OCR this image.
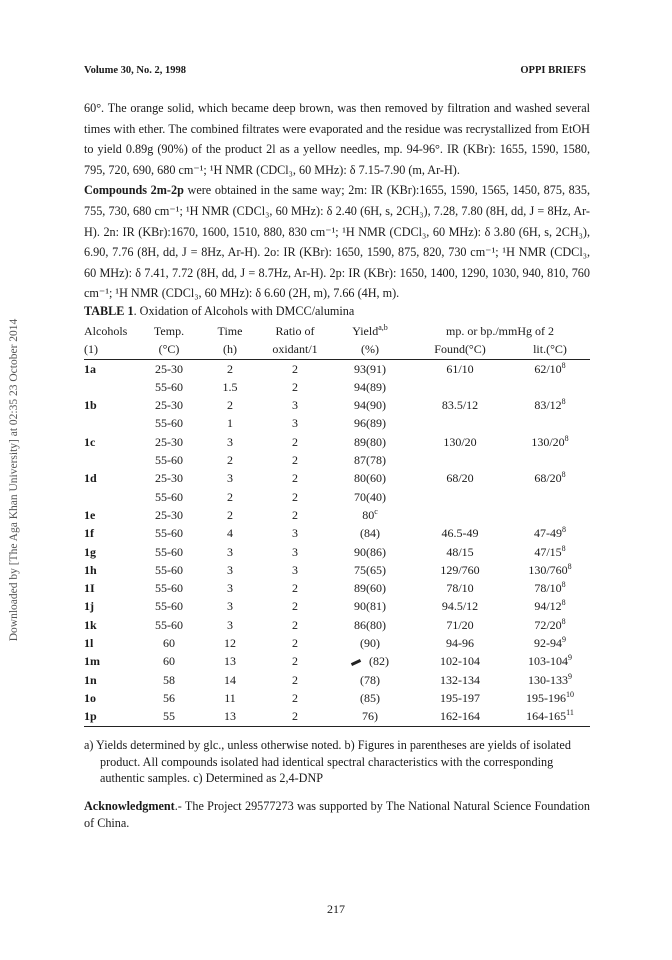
Volume 30, No. 2, 1998	OPPI BRIEFS
Downloaded by [The Aga Khan University] at 02:35 23 October 2014

60°. The orange solid, which became deep brown, was then removed by filtration and washed several times with ether. The combined filtrates were evaporated and the residue was recrystallized from EtOH to yield 0.89g (90%) of the product 2l as a yellow needles, mp. 94-96°. IR (KBr): 1655, 1590, 1580, 795, 720, 690, 680 cm⁻¹; ¹H NMR (CDCl₃, 60 MHz): δ 7.15-7.90 (m, Ar-H).

Compounds 2m-2p were obtained in the same way; 2m: IR (KBr):1655, 1590, 1565, 1450, 875, 835, 755, 730, 680 cm⁻¹; ¹H NMR (CDCl₃, 60 MHz): δ 2.40 (6H, s, 2CH₃), 7.28, 7.80 (8H, dd, J = 8Hz, Ar-H). 2n: IR (KBr):1670, 1600, 1510, 880, 830 cm⁻¹; ¹H NMR (CDCl₃, 60 MHz): δ 3.80 (6H, s, 2CH₃), 6.90, 7.76 (8H, dd, J = 8Hz, Ar-H). 2o: IR (KBr): 1650, 1590, 875, 820, 730 cm⁻¹; ¹H NMR (CDCl₃, 60 MHz): δ 7.41, 7.72 (8H, dd, J = 8.7Hz, Ar-H). 2p: IR (KBr): 1650, 1400, 1290, 1030, 940, 810, 760 cm⁻¹; ¹H NMR (CDCl₃, 60 MHz): δ 6.60 (2H, m), 7.66 (4H, m).

TABLE 1. Oxidation of Alcohols with DMCC/alumina
Alcohols	Temp.	Time	Ratio of	Yield$^{a,b}$	mp. or bp./mmHg of 2	
(1)	(°C)	(h)	oxidant/1	(%)	Found(°C)	lit.(°C)
1a	25-30	2	2	93(91)	61/10	$62/10^8$
	55-60	1.5	2	94(89)		
1b	25-30	2	3	94(90)	83.5/12	$83/12^8$
	55-60	1	3	96(89)		
1c	25-30	3	2	89(80)	130/20	$130/20^8$
	55-60	2	2	87(78)		
1d	25-30	3	2	80(60)	68/20	$68/20^8$
	55-60	2	2	70(40)		
1e	25-30	2	2	80$^c$		
1f	55-60	4	3	(84)	46.5-49	$47-49^8$
1g	55-60	3	3	90(86)	48/15	$47/15^8$
1h	55-60	3	3	75(65)	129/760	$130/760^8$
1I	55-60	3	2	89(60)	78/10	$78/10^8$
1j	55-60	3	2	90(81)	94.5/12	$94/12^8$
1k	55-60	3	2	86(80)	71/20	$72/20^8$
1l	60	12	2	(90)	94-96	$92-94^9$
1m	60	13	2	(82)	102-104	$103-104^9$
1n	58	14	2	(78)	132-134	$130-133^9$
1o	56	11	2	(85)	195-197	$195-196^{10}$
1p	55	13	2	76)	162-164	$164-165^{11}$
a) Yields determined by glc., unless otherwise noted. b) Figures in parentheses are yields of isolated product. All compounds isolated had identical spectral characteristics with the corresponding authentic samples. c) Determined as 2,4-DNP
Acknowledgment.- The Project 29577273 was supported by The National Natural Science Foundation of China.
217
